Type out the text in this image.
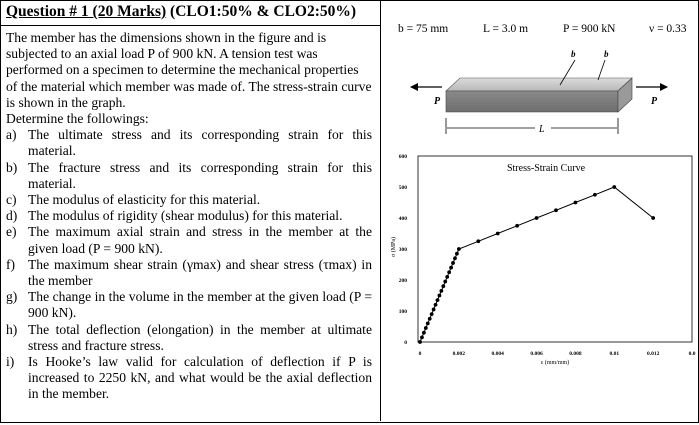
Question # 1 (20 Marks) (CLO1:50% & CLO2:50%)

The member has the dimensions shown in the figure and is subjected to an axial load P of 900 kN. A tension test was performed on a specimen to determine the mechanical properties of the material which member was made of. The stress-strain curve is shown in the graph.

Determine the followings:

a) The ultimate stress and its corresponding strain for this material.
b) The fracture stress and its corresponding strain for this material.
c) The modulus of elasticity for this material.
d) The modulus of rigidity (shear modulus) for this material.
e) The maximum axial strain and stress in the member at the given load (P = 900 kN).
f) The maximum shear strain (γmax) and shear stress (τmax) in the member
g) The change in the volume in the member at the given load (P = 900 kN).
h) The total deflection (elongation) in the member at ultimate stress and fracture stress.
i)	Is Hooke’s law valid for calculation of deflection if P is increased to 2250 kN, and what would be the axial deflection in the member.
b = 75 mm	L = 3.0 m	P = 900 kN	ν = 0.33
P	P
b	b
L
0
100
200
300
400
500
600
0	0.002	0.004	0.006	0.008	0.01	0.012	0.0
Stress-Strain Curve
ε (mm/mm)
σ (MPa)
